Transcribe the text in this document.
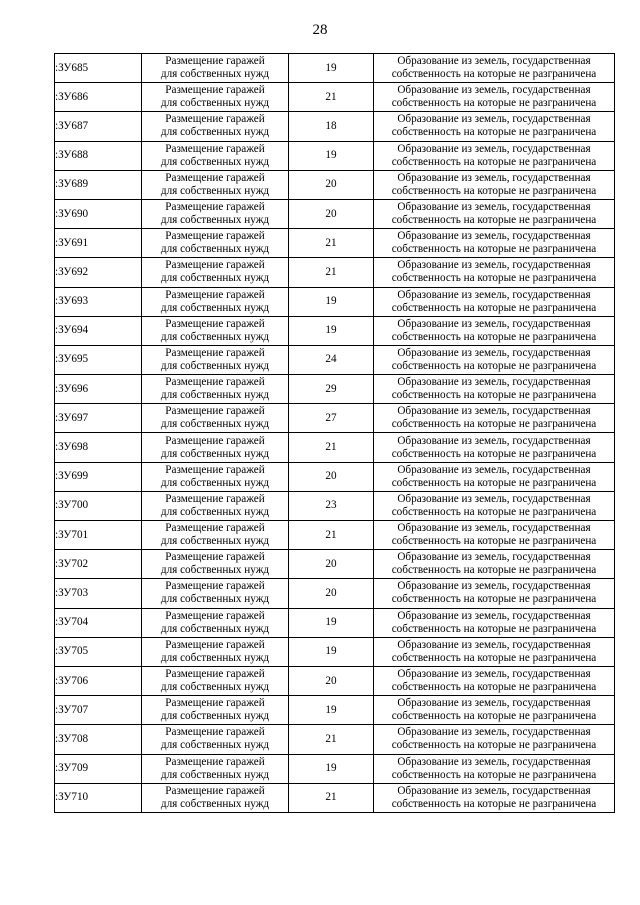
28
:ЗУ685	Размещение гаражей
для собственных нужд	19	Образование из земель, государственная
собственность на которые не разграничена

:ЗУ686	Размещение гаражей
для собственных нужд	21	Образование из земель, государственная
собственность на которые не разграничена

:ЗУ687	Размещение гаражей
для собственных нужд	18	Образование из земель, государственная
собственность на которые не разграничена

:ЗУ688	Размещение гаражей
для собственных нужд	19	Образование из земель, государственная
собственность на которые не разграничена

:ЗУ689	Размещение гаражей
для собственных нужд	20	Образование из земель, государственная
собственность на которые не разграничена

:ЗУ690	Размещение гаражей
для собственных нужд	20	Образование из земель, государственная
собственность на которые не разграничена

:ЗУ691	Размещение гаражей
для собственных нужд	21	Образование из земель, государственная
собственность на которые не разграничена

:ЗУ692	Размещение гаражей
для собственных нужд	21	Образование из земель, государственная
собственность на которые не разграничена

:ЗУ693	Размещение гаражей
для собственных нужд	19	Образование из земель, государственная
собственность на которые не разграничена

:ЗУ694	Размещение гаражей
для собственных нужд	19	Образование из земель, государственная
собственность на которые не разграничена

:ЗУ695	Размещение гаражей
для собственных нужд	24	Образование из земель, государственная
собственность на которые не разграничена

:ЗУ696	Размещение гаражей
для собственных нужд	29	Образование из земель, государственная
собственность на которые не разграничена

:ЗУ697	Размещение гаражей
для собственных нужд	27	Образование из земель, государственная
собственность на которые не разграничена

:ЗУ698	Размещение гаражей
для собственных нужд	21	Образование из земель, государственная
собственность на которые не разграничена

:ЗУ699	Размещение гаражей
для собственных нужд	20	Образование из земель, государственная
собственность на которые не разграничена

:ЗУ700	Размещение гаражей
для собственных нужд	23	Образование из земель, государственная
собственность на которые не разграничена

:ЗУ701	Размещение гаражей
для собственных нужд	21	Образование из земель, государственная
собственность на которые не разграничена

:ЗУ702	Размещение гаражей
для собственных нужд	20	Образование из земель, государственная
собственность на которые не разграничена

:ЗУ703	Размещение гаражей
для собственных нужд	20	Образование из земель, государственная
собственность на которые не разграничена

:ЗУ704	Размещение гаражей
для собственных нужд	19	Образование из земель, государственная
собственность на которые не разграничена

:ЗУ705	Размещение гаражей
для собственных нужд	19	Образование из земель, государственная
собственность на которые не разграничена

:ЗУ706	Размещение гаражей
для собственных нужд	20	Образование из земель, государственная
собственность на которые не разграничена

:ЗУ707	Размещение гаражей
для собственных нужд	19	Образование из земель, государственная
собственность на которые не разграничена

:ЗУ708	Размещение гаражей
для собственных нужд	21	Образование из земель, государственная
собственность на которые не разграничена

:ЗУ709	Размещение гаражей
для собственных нужд	19	Образование из земель, государственная
собственность на которые не разграничена

:ЗУ710	Размещение гаражей
для собственных нужд	21	Образование из земель, государственная
собственность на которые не разграничена
